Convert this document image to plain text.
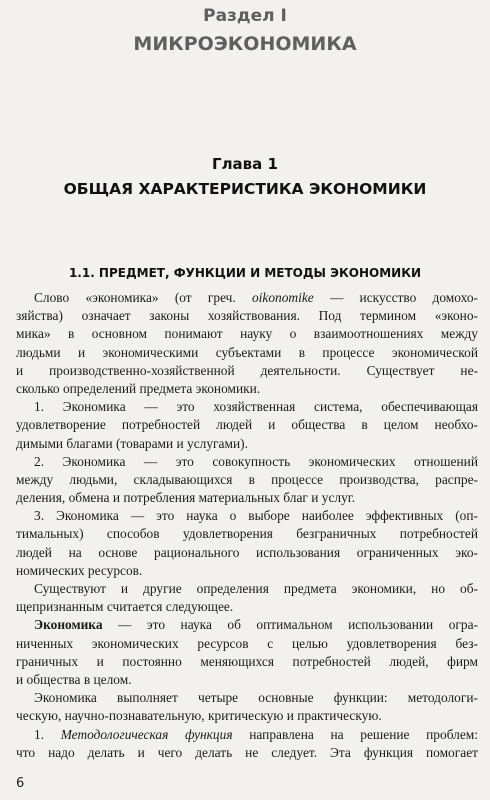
Раздел I
МИКРОЭКОНОМИКА
Глава 1
ОБЩАЯ ХАРАКТЕРИСТИКА ЭКОНОМИКИ
1.1. ПРЕДМЕТ, ФУНКЦИИ И МЕТОДЫ ЭКОНОМИКИ
Слово «экономика» (от греч. oikonomike — искусство домохо-
зяйства) означает законы хозяйствования. Под термином «эконо-
мика» в основном понимают науку о взаимоотношениях между
людьми и экономическими субъектами в процессе экономической
и производственно-хозяйственной деятельности. Существует не-
сколько определений предмета экономики.
1. Экономика — это хозяйственная система, обеспечивающая
удовлетворение потребностей людей и общества в целом необхо-
димыми благами (товарами и услугами).
2. Экономика — это совокупность экономических отношений
между людьми, складывающихся в процессе производства, распре-
деления, обмена и потребления материальных благ и услуг.
3. Экономика — это наука о выборе наиболее эффективных (оп-
тимальных) способов удовлетворения безграничных потребностей
людей на основе рационального использования ограниченных эко-
номических ресурсов.
Существуют и другие определения предмета экономики, но об-
щепризнанным считается следующее.
Экономика — это наука об оптимальном использовании огра-
ниченных экономических ресурсов с целью удовлетворения без-
граничных и постоянно меняющихся потребностей людей, фирм
и общества в целом.
Экономика выполняет четыре основные функции: методологи-
ческую, научно-познавательную, критическую и практическую.
1. Методологическая функция направлена на решение проблем:
что надо делать и чего делать не следует. Эта функция помогает
6
